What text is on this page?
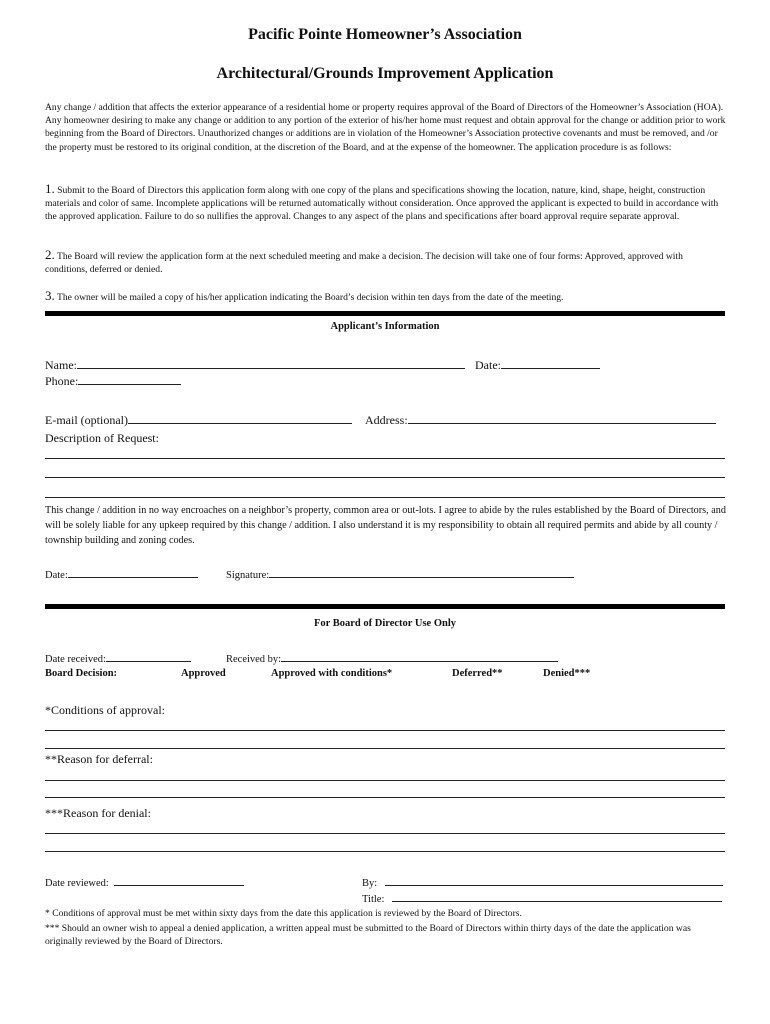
Pacific Pointe Homeowner’s Association
Architectural/Grounds Improvement Application
Any change / addition that affects the exterior appearance of a residential home or property requires approval of the Board of Directors of the Homeowner’s Association (HOA). Any homeowner desiring to make any change or addition to any portion of the exterior of his/her home must request and obtain approval for the change or addition prior to work beginning from the Board of Directors. Unauthorized changes or additions are in violation of the Homeowner’s Association protective covenants and must be removed, and /or the property must be restored to its original condition, at the discretion of the Board, and at the expense of the homeowner. The application procedure is as follows:
1. Submit to the Board of Directors this application form along with one copy of the plans and specifications showing the location, nature, kind, shape, height, construction materials and color of same. Incomplete applications will be returned automatically without consideration. Once approved the applicant is expected to build in accordance with the approved application. Failure to do so nullifies the approval. Changes to any aspect of the plans and specifications after board approval require separate approval.
2. The Board will review the application form at the next scheduled meeting and make a decision. The decision will take one of four forms: Approved, approved with conditions, deferred or denied.
3. The owner will be mailed a copy of his/her application indicating the Board’s decision within ten days from the date of the meeting.
Applicant’s Information
Name:	Date:
Phone:
E-mail (optional)	Address:
Description of Request:
This change / addition in no way encroaches on a neighbor’s property, common area or out-lots. I agree to abide by the rules established by the Board of Directors, and will be solely liable for any upkeep required by this change / addition. I also understand it is my responsibility to obtain all required permits and abide by all county / township building and zoning codes.
Date:	Signature:
For Board of Director Use Only
Date received:	Received by:
Board Decision:	Approved	Approved with conditions*	Deferred**	Denied***
*Conditions of approval:
**Reason for deferral:
***Reason for denial:
Date reviewed:	By:
Title:
* Conditions of approval must be met within sixty days from the date this application is reviewed by the Board of Directors.
*** Should an owner wish to appeal a denied application, a written appeal must be submitted to the Board of Directors within thirty days of the date the application was originally reviewed by the Board of Directors.
